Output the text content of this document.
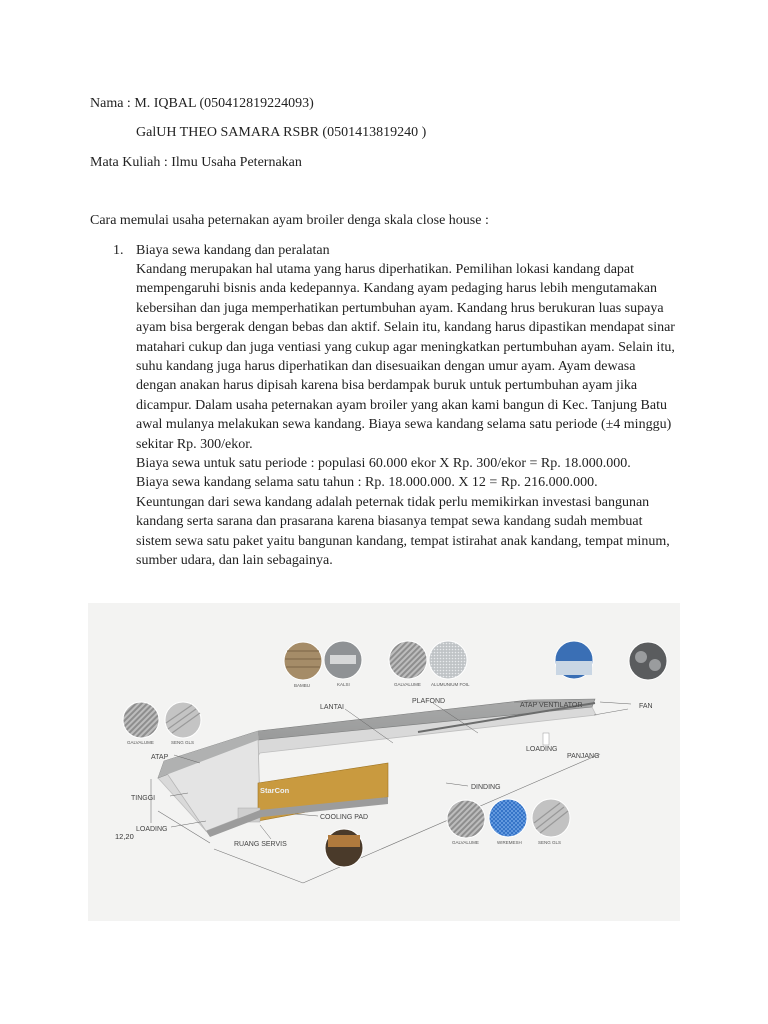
Nama : M. IQBAL (050412819224093)
GalUH THEO SAMARA RSBR (0501413819240 )
Mata Kuliah : Ilmu Usaha Peternakan
Cara memulai usaha peternakan ayam broiler denga skala close house :
1. Biaya sewa kandang dan peralatan

Kandang merupakan hal utama yang harus diperhatikan. Pemilihan lokasi kandang dapat mempengaruhi bisnis anda kedepannya. Kandang ayam pedaging harus lebih mengutamakan kebersihan dan juga memperhatikan pertumbuhan ayam. Kandang hrus berukuran luas supaya ayam bisa bergerak dengan bebas dan aktif. Selain itu, kandang harus dipastikan mendapat sinar matahari cukup dan juga ventiasi yang cukup agar meningkatkan pertumbuhan ayam. Selain itu, suhu kandang juga harus diperhatikan dan disesuaikan dengan umur ayam. Ayam dewasa dengan anakan harus dipisah karena bisa berdampak buruk untuk pertumbuhan ayam jika dicampur. Dalam usaha peternakan ayam broiler yang akan kami bangun di Kec. Tanjung Batu awal mulanya melakukan sewa kandang. Biaya sewa kandang selama satu periode (±4 minggu) sekitar Rp. 300/ekor.

Biaya sewa untuk satu periode : populasi 60.000 ekor X Rp. 300/ekor = Rp. 18.000.000.

Biaya sewa kandang selama satu tahun : Rp. 18.000.000. X 12 = Rp. 216.000.000.

Keuntungan dari sewa kandang adalah peternak tidak perlu memikirkan investasi bangunan kandang serta sarana dan prasarana karena biasanya tempat sewa kandang sudah membuat sistem sewa satu paket yaitu bangunan kandang, tempat istirahat anak kandang, tempat minum, sumber udara, dan lain sebagainya.

StarCon
LANTAI
PLAFOND
ATAP VENTILATOR	FAN
ATAP
LOADING
PANJANG
TINGGI
DINDING
LOADING
COOLING PAD
12,20
RUANG SERVIS
BAMBU	KALSI	GALVALUME ALUMUNIUM FOIL
GALVALUME	SENG GLS
GALVALUME	WIREMESH	SENG GLS
